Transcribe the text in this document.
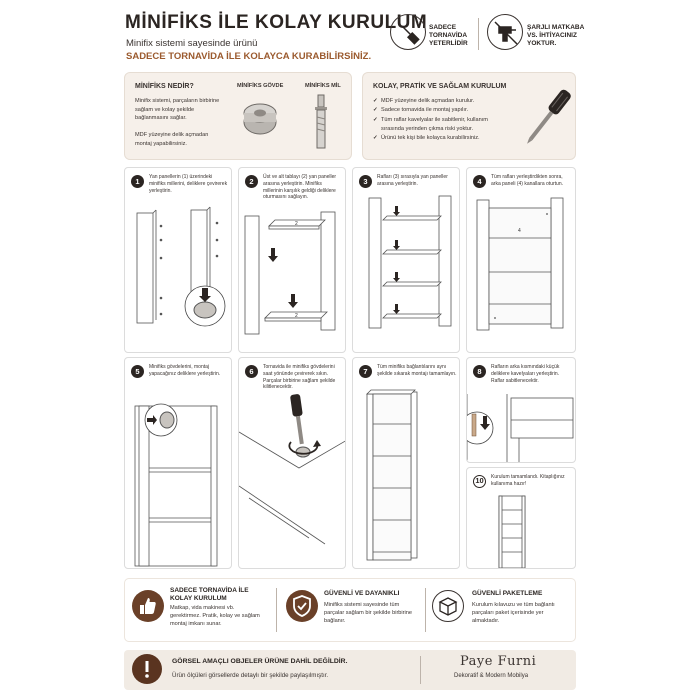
MİNİFİKS İLE KOLAY KURULUM
Minifix sistemi sayesinde ürünü
SADECE TORNAVİDA İLE KOLAYCA KURABİLİRSİNİZ.
SADECE
TORNAVİDA
YETERLİDİR
ŞARJLI MATKABA
VS. İHTİYACINIZ
YOKTUR.
MİNİFİKS NEDİR?
Minifix sistemi, parçaların birbirine sağlam ve kolay şekilde bağlanmasını sağlar.
MDF yüzeyine delik açmadan montaj yapabilirsiniz.
MİNİFİKS GÖVDE	MİNİFİKS MİL	KOLAY, PRATİK VE SAĞLAM KURULUM
✓ MDF yüzeyine delik açmadan kurulur.
✓ Sadece tornavida ile montaj yapılır.
✓ Tüm raflar kavelyalar ile sabitlenir, kullanım sırasında yerinden çıkma riski yoktur.
✓ Ürünü tek kişi bile kolayca kurabilirsiniz.
1	Yan panellerin (1) üzerindeki minifiks millerini, deliklere çevirerek yerleştirin.
2
2
2	Üst ve alt tablayı (2) yan paneller arasına yerleştirin. Minifiks millerinin karşılık geldiği deliklere oturmasını sağlayın.
3	Rafları (3) sırasıyla yan paneller arasına yerleştirin.
4
4	Tüm rafları yerleştirdikten sonra, arka paneli (4) kanallara oturtun.
5	Minifiks gövdelerini, montaj yapacağınız deliklere yerleştirin.	6	Tornavida ile minifiks gövdelerini saat yönünde çevirerek sıkın. Parçalar birbirine sağlam şekilde kilitlenecektir.
7	Tüm minifiks bağlantılarını aynı şekilde sıkarak montajı tamamlayın.	8	Rafların arka kısmındaki küçük deliklere kavelyaları yerleştirin. Raflar sabitlenecektir.
10	Kurulum tamamlandı. Kitaplığınız kullanıma hazır!
SADECE TORNAVİDA İLE KOLAY KURULUM
Matkap, vida makinesi vb. gerektirmez. Pratik, kolay ve sağlam montaj imkanı sunar.
GÜVENLİ VE DAYANIKLI
Minifiks sistemi sayesinde tüm parçalar sağlam bir şekilde birbirine bağlanır.
GÜVENLİ PAKETLEME
Kurulum kılavuzu ve tüm bağlantı parçaları paket içerisinde yer almaktadır.
GÖRSEL AMAÇLI OBJELER ÜRÜNE DAHİL DEĞİLDİR.
Ürün ölçüleri görsellerde detaylı bir şekilde paylaşılmıştır.
Paye Furni
Dekoratif & Modern Mobilya
